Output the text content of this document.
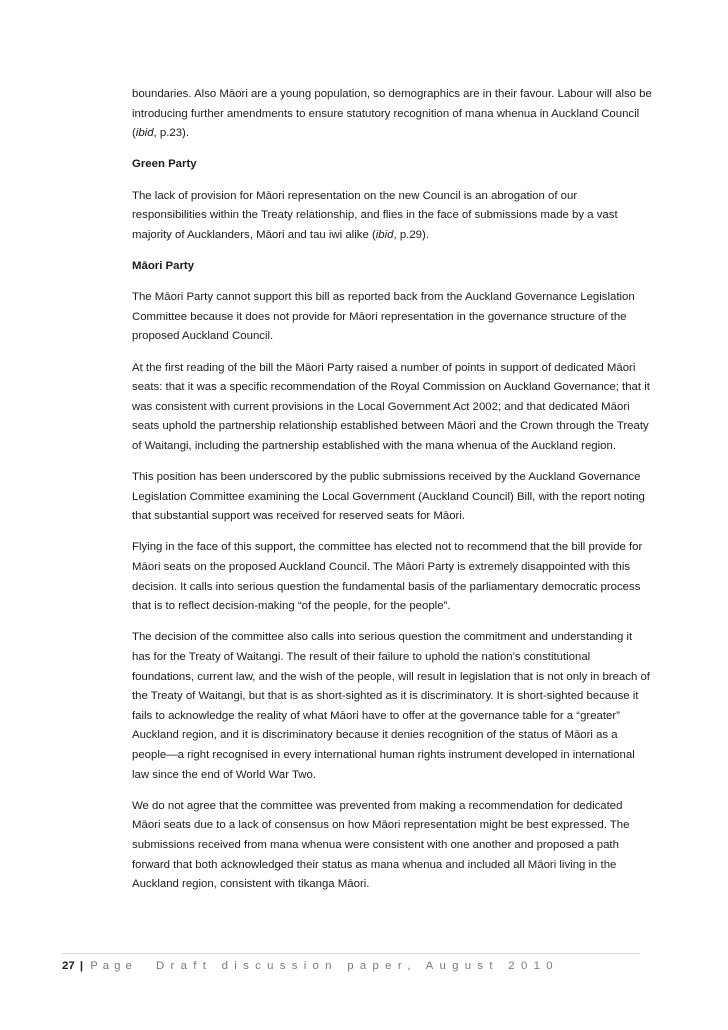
boundaries. Also Māori are a young population, so demographics are in their favour. Labour will also be introducing further amendments to ensure statutory recognition of mana whenua in Auckland Council (ibid, p.23).

Green Party

The lack of provision for Māori representation on the new Council is an abrogation of our responsibilities within the Treaty relationship, and flies in the face of submissions made by a vast majority of Aucklanders, Māori and tau iwi alike (ibid, p.29).

Māori Party

The Māori Party cannot support this bill as reported back from the Auckland Governance Legislation Committee because it does not provide for Māori representation in the governance structure of the proposed Auckland Council.

At the first reading of the bill the Māori Party raised a number of points in support of dedicated Māori seats: that it was a specific recommendation of the Royal Commission on Auckland Governance; that it was consistent with current provisions in the Local Government Act 2002; and that dedicated Māori seats uphold the partnership relationship established between Māori and the Crown through the Treaty of Waitangi, including the partnership established with the mana whenua of the Auckland region.

This position has been underscored by the public submissions received by the Auckland Governance Legislation Committee examining the Local Government (Auckland Council) Bill, with the report noting that substantial support was received for reserved seats for Māori.

Flying in the face of this support, the committee has elected not to recommend that the bill provide for Māori seats on the proposed Auckland Council. The Māori Party is extremely disappointed with this decision. It calls into serious question the fundamental basis of the parliamentary democratic process that is to reflect decision-making “of the people, for the people”.

The decision of the committee also calls into serious question the commitment and understanding it has for the Treaty of Waitangi. The result of their failure to uphold the nation’s constitutional foundations, current law, and the wish of the people, will result in legislation that is not only in breach of the Treaty of Waitangi, but that is as short-sighted as it is discriminatory. It is short-sighted because it fails to acknowledge the reality of what Māori have to offer at the governance table for a “greater” Auckland region, and it is discriminatory because it denies recognition of the status of Māori as a people—a right recognised in every international human rights instrument developed in international law since the end of World War Two.

We do not agree that the committee was prevented from making a recommendation for dedicated Māori seats due to a lack of consensus on how Māori representation might be best expressed. The submissions received from mana whenua were consistent with one another and proposed a path forward that both acknowledged their status as mana whenua and included all Māori living in the Auckland region, consistent with tikanga Māori.

27 | Page Draft discussion paper, August 2010
